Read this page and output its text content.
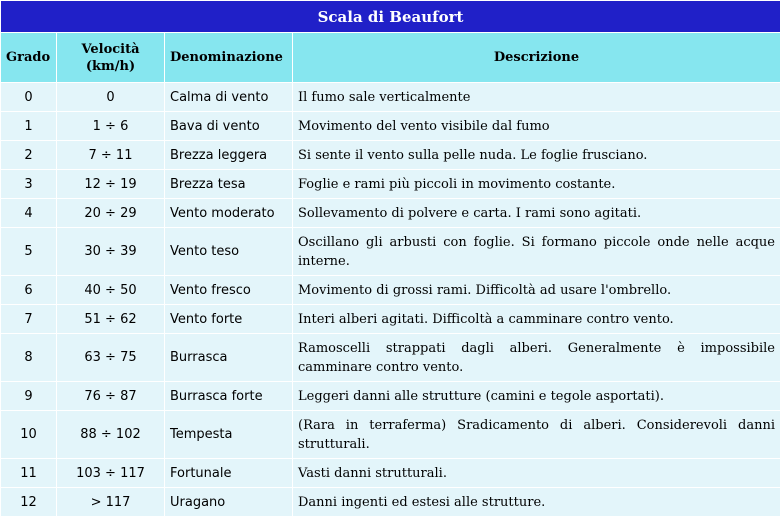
Scala di Beaufort			
Grado	Velocità (km/h)	Denominazione	Descrizione
0	0	Calma di vento	Il fumo sale verticalmente
1	1 ÷ 6	Bava di vento	Movimento del vento visibile dal fumo
2	7 ÷ 11	Brezza leggera	Si sente il vento sulla pelle nuda. Le foglie frusciano.
3	12 ÷ 19	Brezza tesa	Foglie e rami più piccoli in movimento costante.
4	20 ÷ 29	Vento moderato	Sollevamento di polvere e carta. I rami sono agitati.
5	30 ÷ 39	Vento teso	Oscillano gli arbusti con foglie. Si formano piccole onde nelle acque interne.
6	40 ÷ 50	Vento fresco	Movimento di grossi rami. Difficoltà ad usare l'ombrello.
7	51 ÷ 62	Vento forte	Interi alberi agitati. Difficoltà a camminare contro vento.
8	63 ÷ 75	Burrasca	Ramoscelli strappati dagli alberi. Generalmente è impossibile camminare contro vento.
9	76 ÷ 87	Burrasca forte	Leggeri danni alle strutture (camini e tegole asportati).
10	88 ÷ 102	Tempesta	(Rara in terraferma) Sradicamento di alberi. Considerevoli danni strutturali.
11	103 ÷ 117	Fortunale	Vasti danni strutturali.
12	> 117	Uragano	Danni ingenti ed estesi alle strutture.
